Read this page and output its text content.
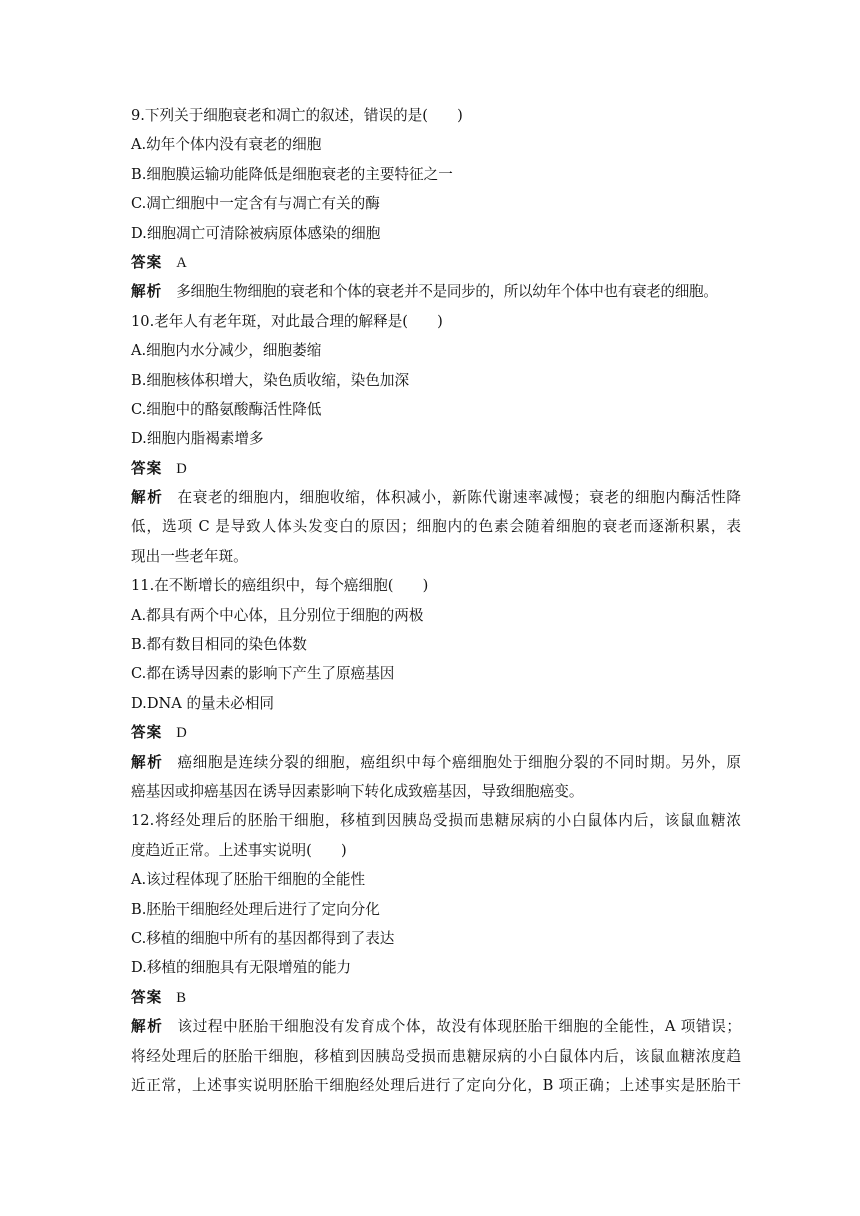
9.下列关于细胞衰老和凋亡的叙述，错误的是(　　)
A.幼年个体内没有衰老的细胞
B.细胞膜运输功能降低是细胞衰老的主要特征之一
C.凋亡细胞中一定含有与凋亡有关的酶
D.细胞凋亡可清除被病原体感染的细胞
答案 A
解析 多细胞生物细胞的衰老和个体的衰老并不是同步的，所以幼年个体中也有衰老的细胞。
10.老年人有老年斑，对此最合理的解释是(　　)
A.细胞内水分减少，细胞萎缩
B.细胞核体积增大，染色质收缩，染色加深
C.细胞中的酪氨酸酶活性降低
D.细胞内脂褐素增多
答案 D
解析 在衰老的细胞内，细胞收缩，体积减小，新陈代谢速率减慢；衰老的细胞内酶活性降
低，选项 C 是导致人体头发变白的原因；细胞内的色素会随着细胞的衰老而逐渐积累，表
现出一些老年斑。
11.在不断增长的癌组织中，每个癌细胞(　　)
A.都具有两个中心体，且分别位于细胞的两极
B.都有数目相同的染色体数
C.都在诱导因素的影响下产生了原癌基因
D.DNA 的量未必相同
答案 D
解析 癌细胞是连续分裂的细胞，癌组织中每个癌细胞处于细胞分裂的不同时期。另外，原
癌基因或抑癌基因在诱导因素影响下转化成致癌基因，导致细胞癌变。
12.将经处理后的胚胎干细胞，移植到因胰岛受损而患糖尿病的小白鼠体内后，该鼠血糖浓
度趋近正常。上述事实说明(　　)
A.该过程体现了胚胎干细胞的全能性
B.胚胎干细胞经处理后进行了定向分化
C.移植的细胞中所有的基因都得到了表达
D.移植的细胞具有无限增殖的能力
答案 B
解析 该过程中胚胎干细胞没有发育成个体，故没有体现胚胎干细胞的全能性，A 项错误；
将经处理后的胚胎干细胞，移植到因胰岛受损而患糖尿病的小白鼠体内后，该鼠血糖浓度趋
近正常，上述事实说明胚胎干细胞经处理后进行了定向分化，B 项正确；上述事实是胚胎干
